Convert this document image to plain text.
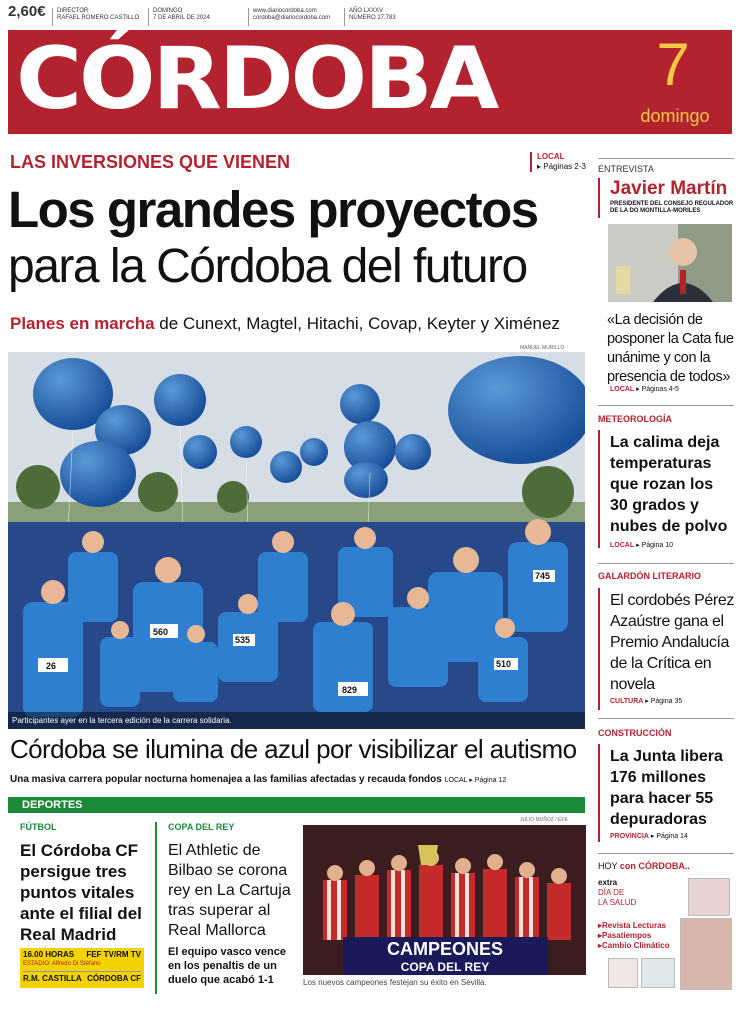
2,60€ DIRECTOR
RAFAEL ROMERO CASTILLO
DOMINGO
7 DE ABRIL DE 2024
www.diariocordoba.com
cordoba@diariocordoba.com
AÑO LXXXV
NÚMERO 27.783
CÓRDOBA	7
domingo
LAS INVERSIONES QUE VIENEN	LOCAL
▸ Páginas 2-3
Los grandes proyectos
para la Córdoba del futuro
Planes en marcha de Cunext, Magtel, Hitachi, Covap, Keyter y Ximénez
MANUEL MURILLO
745
829
535
560
26	510
Participantes ayer en la tercera edición de la carrera solidaria.
Córdoba se ilumina de azul por visibilizar el autismo
Una masiva carrera popular nocturna homenajea a las familias afectadas y recauda fondos LOCAL ▸ Página 12
DEPORTES
FÚTBOL
El Córdoba CF persigue tres puntos vitales ante el filial del Real Madrid
16.00 HORAS FEF TV/RM TV
ESTADIO: Alfredo Di Stéfano
R.M. CASTILLA CÓRDOBA CF
COPA DEL REY
El Athletic de Bilbao se corona rey en La Cartuja tras superar al Real Mallorca
El equipo vasco vence en los penaltis de un duelo que acabó 1-1
JULIO MUÑOZ / EFE
CAMPEONES
COPA DEL REY
Los nuevos campeones festejan su éxito en Sevilla.
ENTREVISTA
Javier Martín
PRESIDENTE DEL CONSEJO REGULADOR DE LA DO MONTILLA-MORILES
«La decisión de posponer la Cata fue unánime y con la presencia de todos»
LOCAL ▸ Páginas 4-5
METEOROLOGÍA
La calima deja temperaturas que rozan los 30 grados y nubes de polvo
LOCAL ▸ Página 10
GALARDÓN LITERARIO
El cordobés Pérez Azaústre gana el Premio Andalucía de la Crítica en novela
CULTURA ▸ Página 35
CONSTRUCCIÓN
La Junta libera 176 millones para hacer 55 depuradoras
PROVINCIA ▸ Página 14
HOY con CÓRDOBA..
extra
DÍA DE
LA SALUD
▸Revista Lecturas
▸Pasatiempos
▸Cambio Climático
